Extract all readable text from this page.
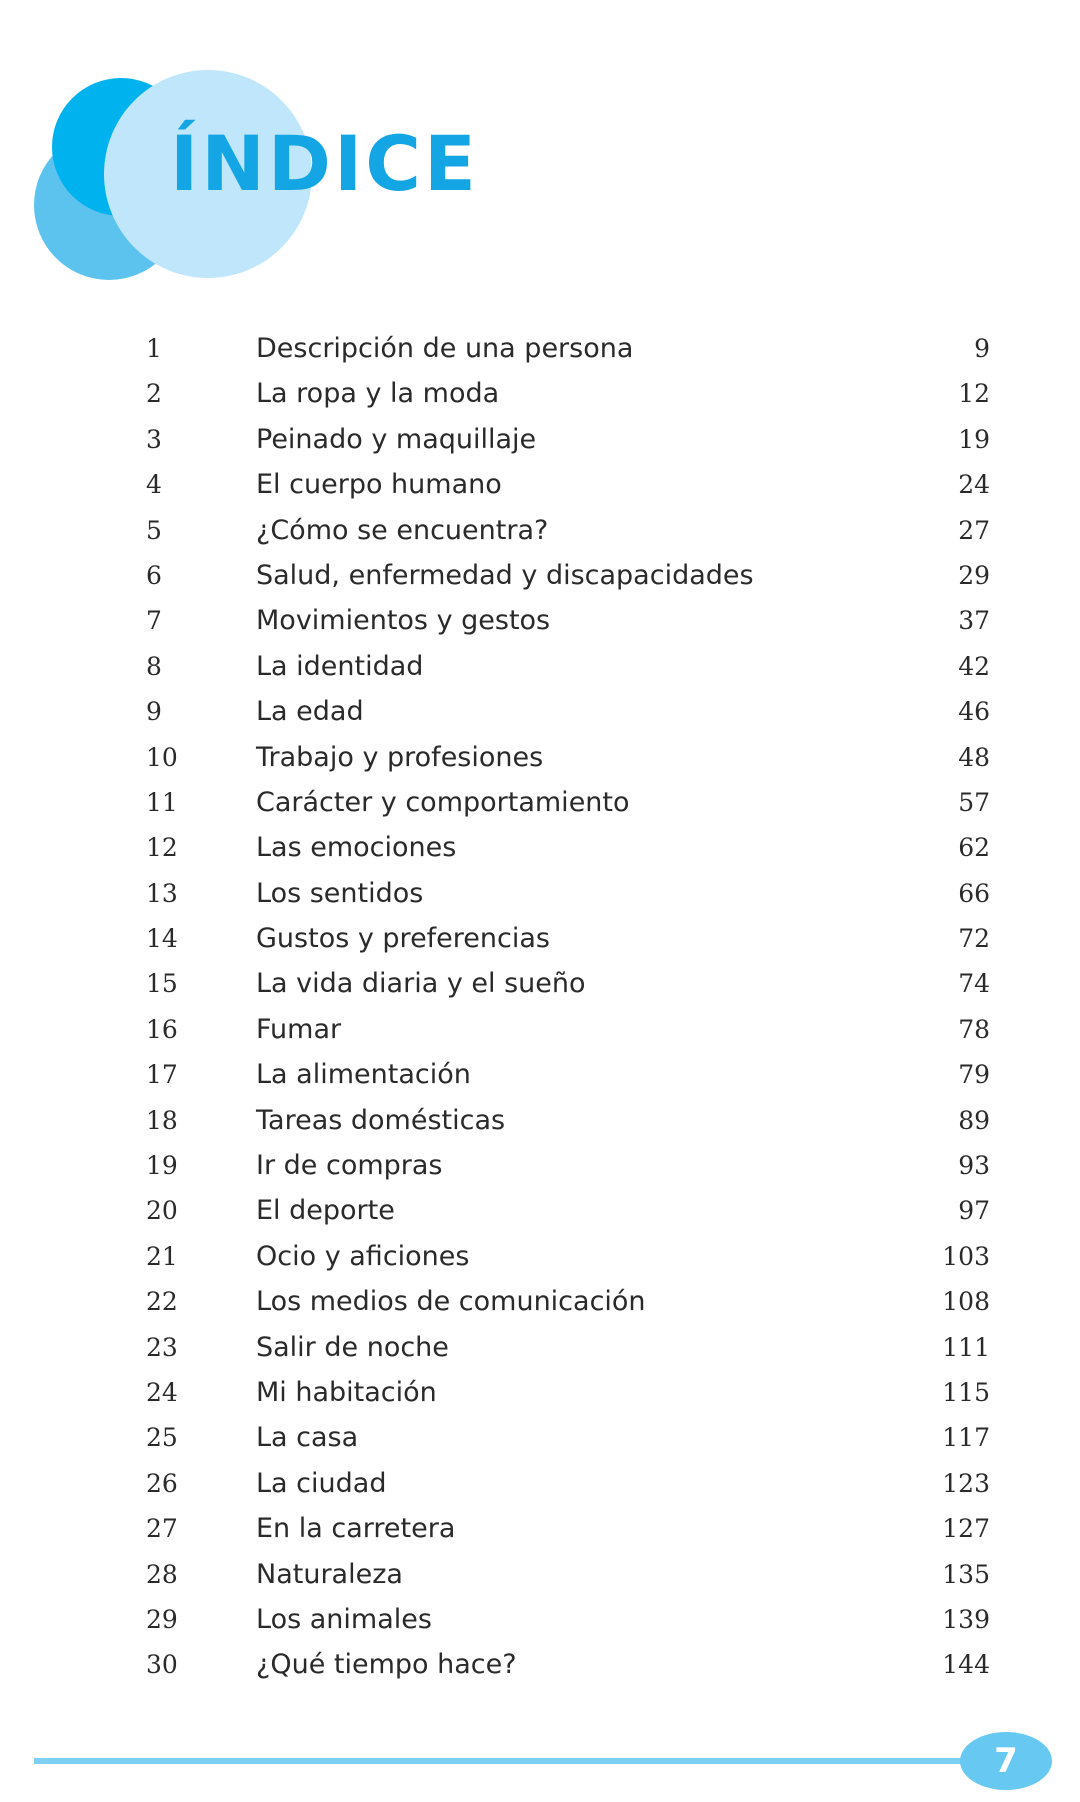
ÍNDICE
1	Descripción de una persona	9
2	La ropa y la moda	12
3	Peinado y maquillaje	19
4	El cuerpo humano	24
5	¿Cómo se encuentra?	27
6	Salud, enfermedad y discapacidades	29
7	Movimientos y gestos	37
8	La identidad	42
9	La edad	46
10	Trabajo y profesiones	48
11	Carácter y comportamiento	57
12	Las emociones	62
13	Los sentidos	66
14	Gustos y preferencias	72
15	La vida diaria y el sueño	74
16	Fumar	78
17	La alimentación	79
18	Tareas domésticas	89
19	Ir de compras	93
20	El deporte	97
21	Ocio y aficiones	103
22	Los medios de comunicación	108
23	Salir de noche	111
24	Mi habitación	115
25	La casa	117
26	La ciudad	123
27	En la carretera	127
28	Naturaleza	135
29	Los animales	139
30	¿Qué tiempo hace?	144
7
